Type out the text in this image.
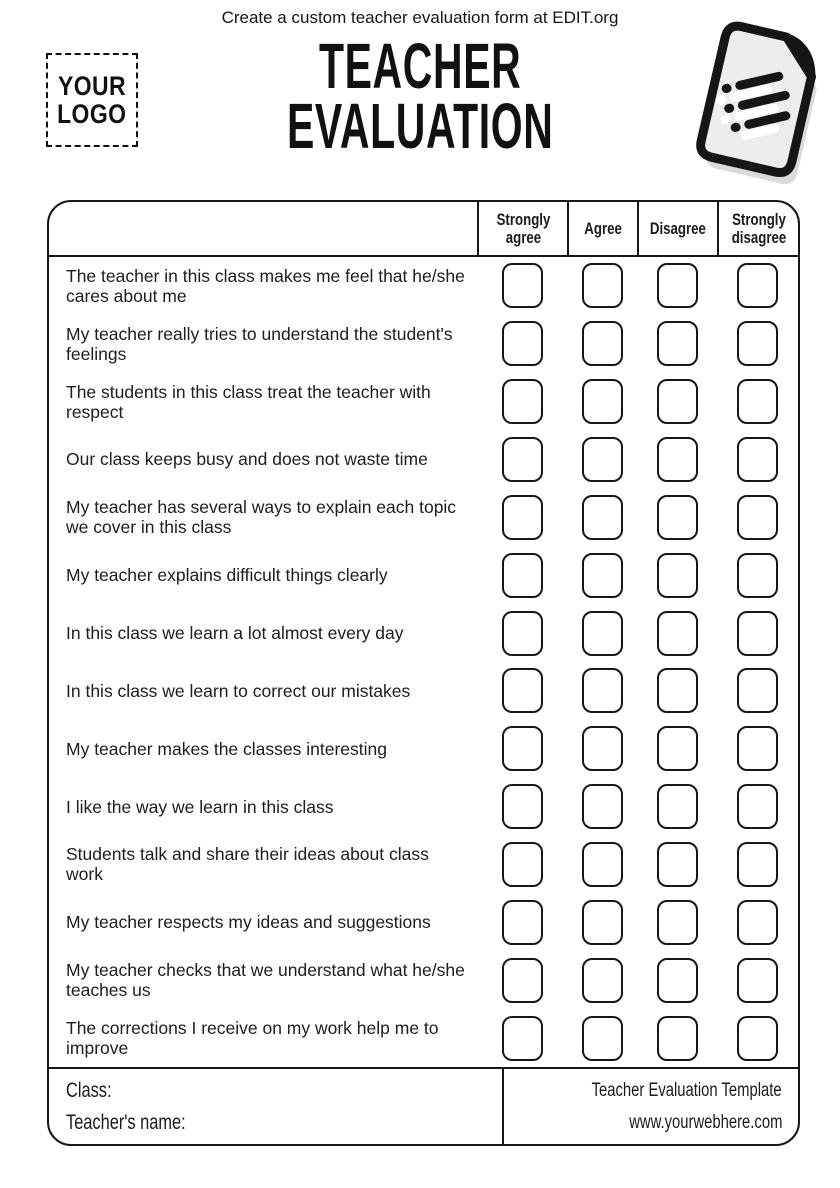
Create a custom teacher evaluation form at EDIT.org
YOUR
LOGO
TEACHER
EVALUATION
Strongly
agree	Agree Disagree Strongly
disagree
The teacher in this class makes me feel that he/she cares about me
My teacher really tries to understand the student's feelings
The students in this class treat the teacher with respect
Our class keeps busy and does not waste time
My teacher has several ways to explain each topic we cover in this class
My teacher explains difficult things clearly
In this class we learn a lot almost every day
In this class we learn to correct our mistakes
My teacher makes the classes interesting
I like the way we learn in this class
Students talk and share their ideas about class work
My teacher respects my ideas and suggestions
My teacher checks that we understand what he/she teaches us
The corrections I receive on my work help me to improve
Class:
Teacher's name:
Teacher Evaluation Template
www.yourwebhere.com
